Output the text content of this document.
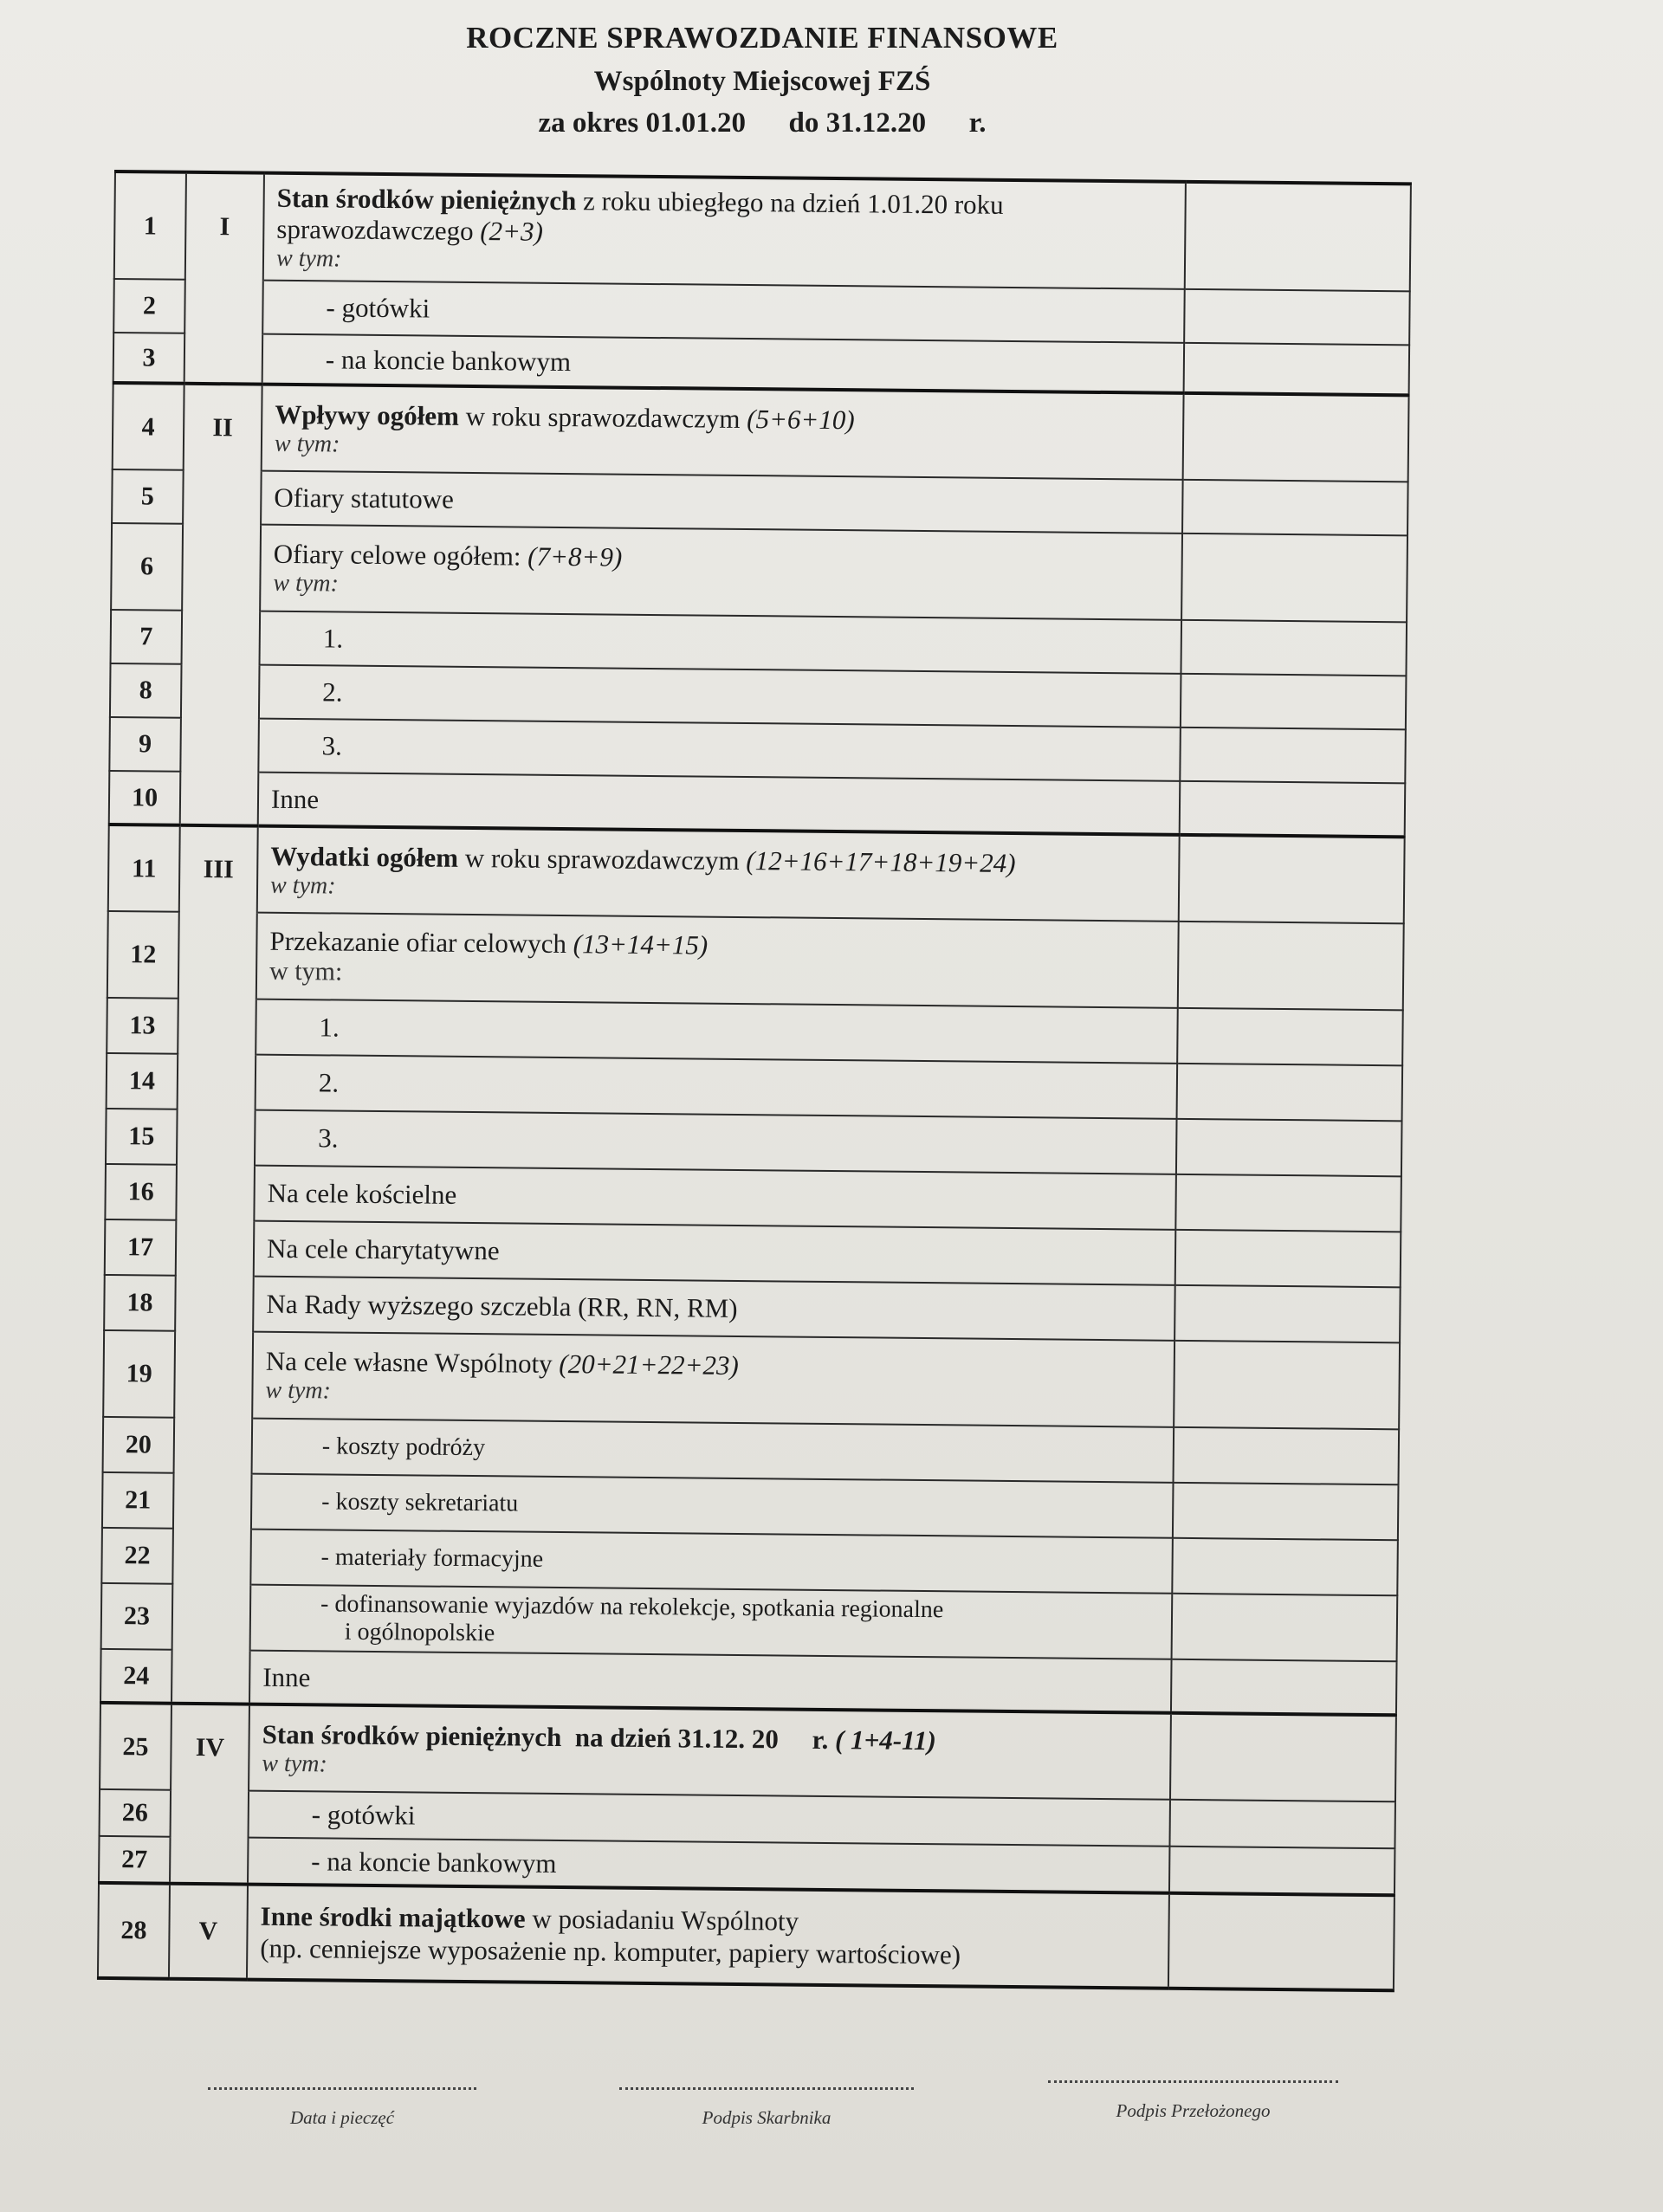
ROCZNE SPRAWOZDANIE FINANSOWE
Wspólnoty Miejscowej FZŚ
za okres 01.01.20      do 31.12.20      r.
1	I	Stan środków pieniężnych z roku ubiegłego na dzień 1.01.20 roku sprawozdawczego (2+3)
w tym:	

2		- gotówki	
3		- na koncie bankowym	
4	II	Wpływy ogółem w roku sprawozdawczym (5+6+10)
w tym:	

5		Ofiary statutowe	
6		Ofiary celowe ogółem: (7+8+9)
w tym:	

7		1.	
8		2.	
9		3.	
10		Inne	
11	III	Wydatki ogółem w roku sprawozdawczym (12+16+17+18+19+24)
w tym:	

12		Przekazanie ofiar celowych (13+14+15)
w tym:	

13		1.	
14		2.	
15		3.	
16		Na cele kościelne	
17		Na cele charytatywne	
18		Na Rady wyższego szczebla (RR, RN, RM)	
19		Na cele własne Wspólnoty (20+21+22+23)
w tym:	

20		- koszty podróży	
21		- koszty sekretariatu	
22		- materiały formacyjne	
23		- dofinansowanie wyjazdów na rekolekcje, spotkania regionalne
i ogólnopolskie	

24		Inne	
25	IV	Stan środków pieniężnych  na dzień 31.12. 20     r. ( 1+4-11)
w tym:	

26		- gotówki	
27		- na koncie bankowym	
28	V	Inne środki majątkowe w posiadaniu Wspólnoty
(np. cenniejsze wyposażenie np. komputer, papiery wartościowe)	

Data i pieczęć	Podpis Skarbnika	Podpis Przełożonego
